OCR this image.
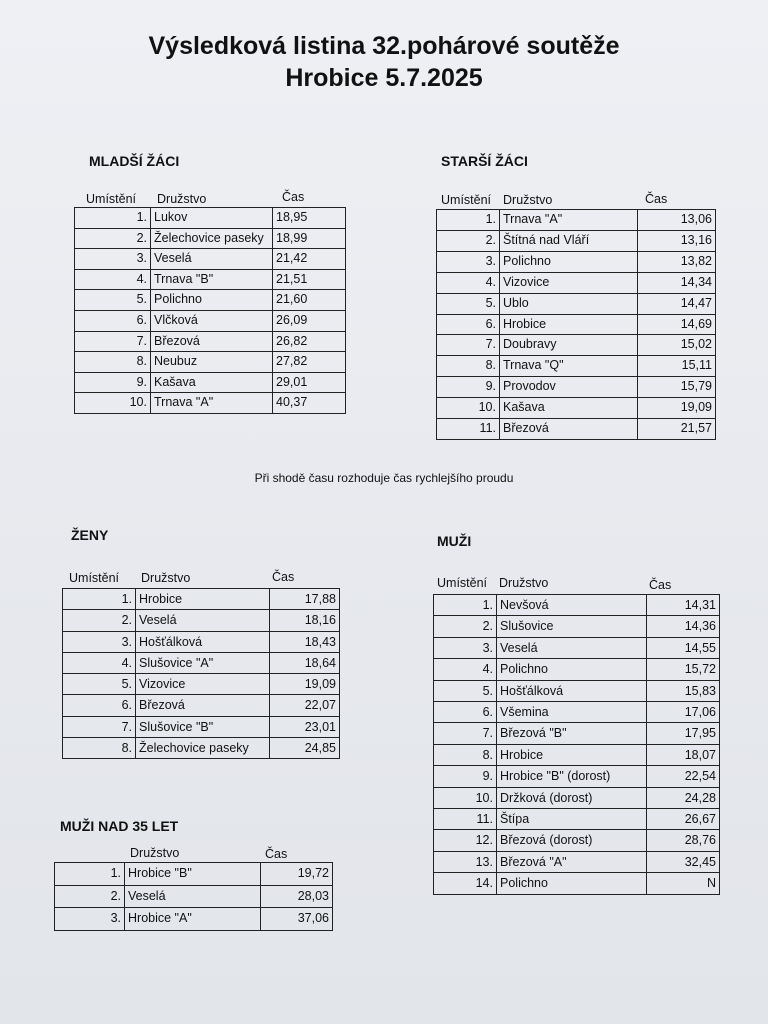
Výsledková listina 32.pohárové soutěže
Hrobice 5.7.2025
MLADŠÍ ŽÁCI
Umístění Družstvo	Čas
1.	Lukov	18,95
2.	Želechovice paseky	18,99
3.	Veselá	21,42
4.	Trnava "B"	21,51
5.	Polichno	21,60
6.	Vlčková	26,09
7.	Březová	26,82
8.	Neubuz	27,82
9.	Kašava	29,01
10.	Trnava "A"	40,37
STARŠÍ ŽÁCI
Umístění Družstvo	Čas
1.	Trnava "A"	13,06
2.	Štítná nad Vláří	13,16
3.	Polichno	13,82
4.	Vizovice	14,34
5.	Ublo	14,47
6.	Hrobice	14,69
7.	Doubravy	15,02
8.	Trnava "Q"	15,11
9.	Provodov	15,79
10.	Kašava	19,09
11.	Březová	21,57
Při shodě času rozhoduje čas rychlejšího proudu
ŽENY
Umístění Družstvo	Čas
1.	Hrobice	17,88
2.	Veselá	18,16
3.	Hošťálková	18,43
4.	Slušovice "A"	18,64
5.	Vizovice	19,09
6.	Březová	22,07
7.	Slušovice "B"	23,01
8.	Želechovice paseky	24,85
MUŽI
Umístění Družstvo	Čas
1.	Nevšová	14,31
2.	Slušovice	14,36
3.	Veselá	14,55
4.	Polichno	15,72
5.	Hošťálková	15,83
6.	Všemina	17,06
7.	Březová "B"	17,95
8.	Hrobice	18,07
9.	Hrobice "B" (dorost)	22,54
10.	Držková (dorost)	24,28
11.	Štípa	26,67
12.	Březová (dorost)	28,76
13.	Březová "A"	32,45
14.	Polichno	N
MUŽI NAD 35 LET
Družstvo	Čas
1.	Hrobice "B"	19,72
2.	Veselá	28,03
3.	Hrobice "A"	37,06
